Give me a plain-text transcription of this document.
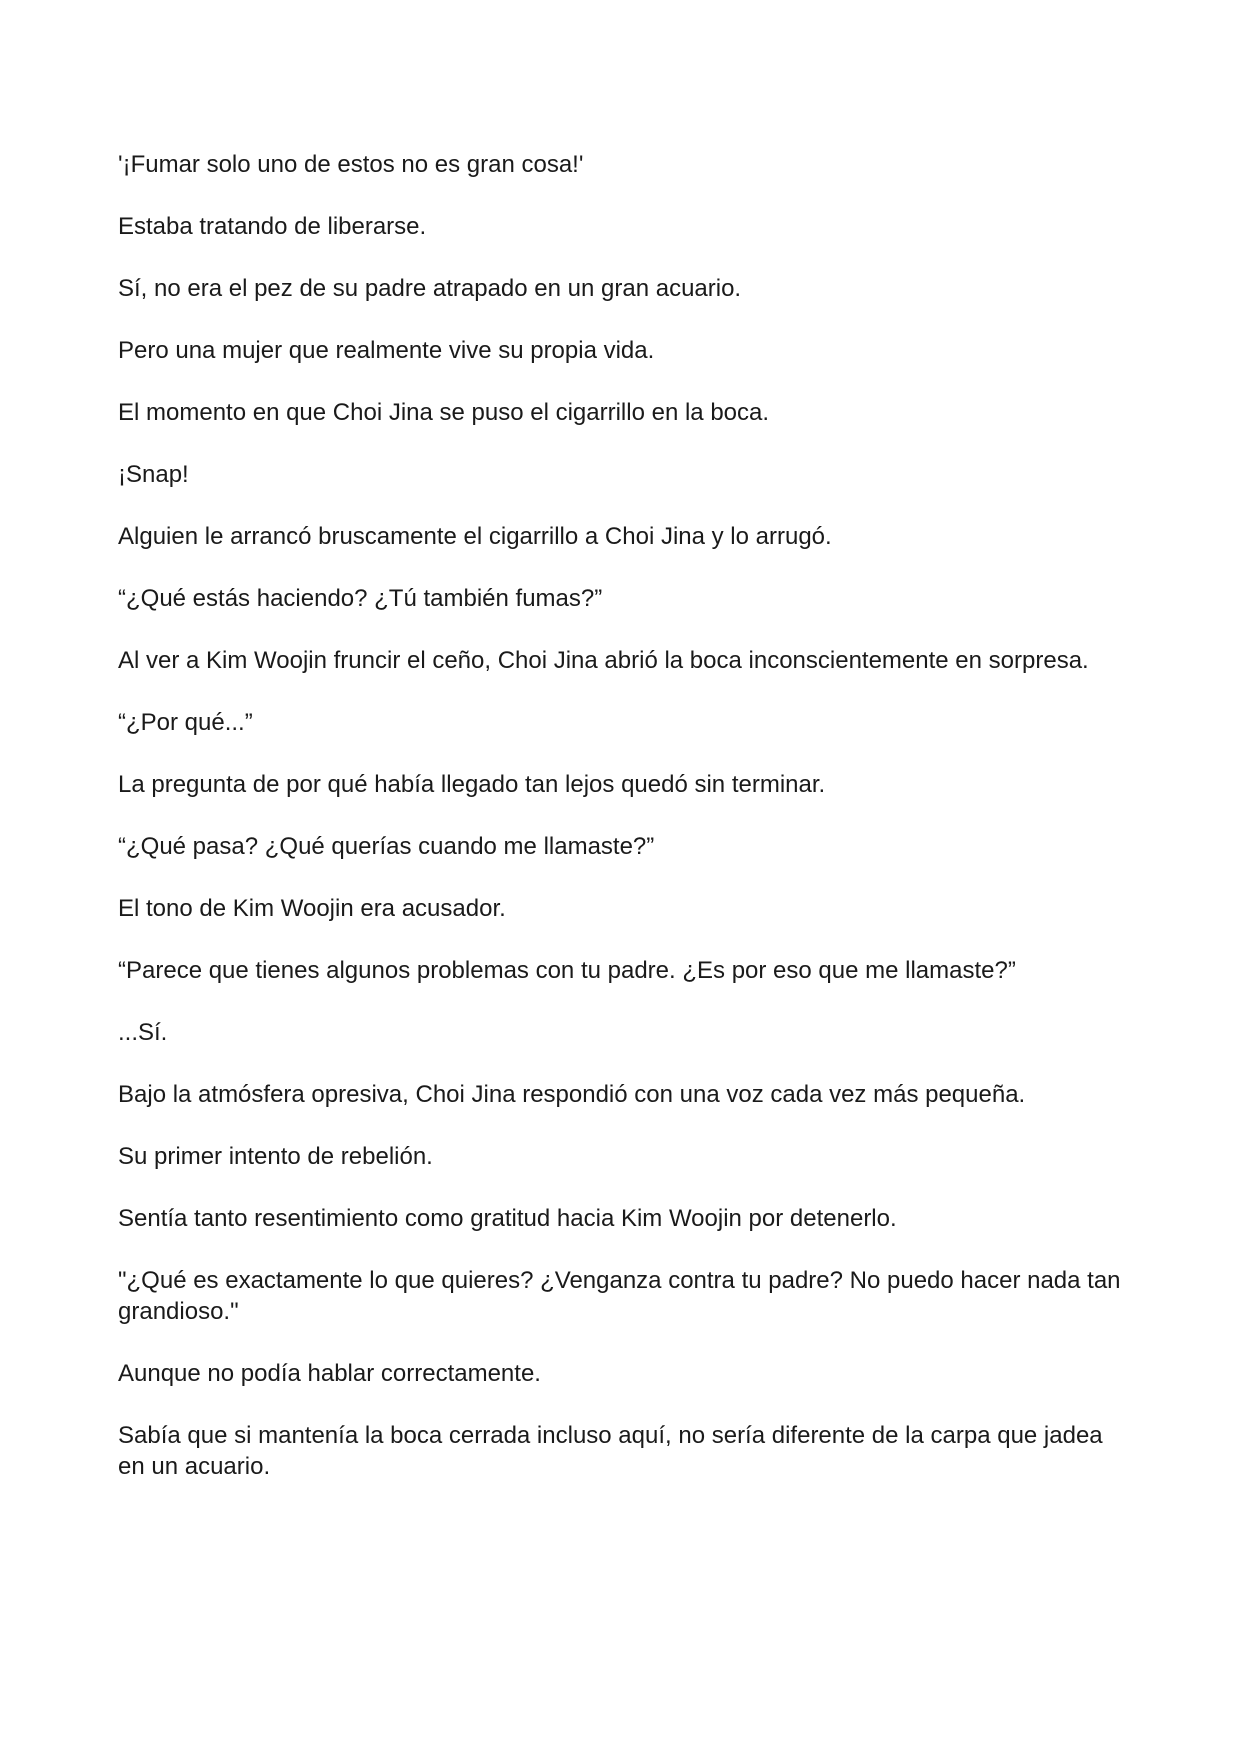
'¡Fumar solo uno de estos no es gran cosa!'

Estaba tratando de liberarse.

Sí, no era el pez de su padre atrapado en un gran acuario.

Pero una mujer que realmente vive su propia vida.

El momento en que Choi Jina se puso el cigarrillo en la boca.

¡Snap!

Alguien le arrancó bruscamente el cigarrillo a Choi Jina y lo arrugó.

“¿Qué estás haciendo? ¿Tú también fumas?”

Al ver a Kim Woojin fruncir el ceño, Choi Jina abrió la boca inconscientemente en sorpresa.

“¿Por qué...”

La pregunta de por qué había llegado tan lejos quedó sin terminar.

“¿Qué pasa? ¿Qué querías cuando me llamaste?”

El tono de Kim Woojin era acusador.

“Parece que tienes algunos problemas con tu padre. ¿Es por eso que me llamaste?”

...Sí.

Bajo la atmósfera opresiva, Choi Jina respondió con una voz cada vez más pequeña.

Su primer intento de rebelión.

Sentía tanto resentimiento como gratitud hacia Kim Woojin por detenerlo.

"¿Qué es exactamente lo que quieres? ¿Venganza contra tu padre? No puedo hacer nada tan grandioso."

Aunque no podía hablar correctamente.

Sabía que si mantenía la boca cerrada incluso aquí, no sería diferente de la carpa que jadea en un acuario.
